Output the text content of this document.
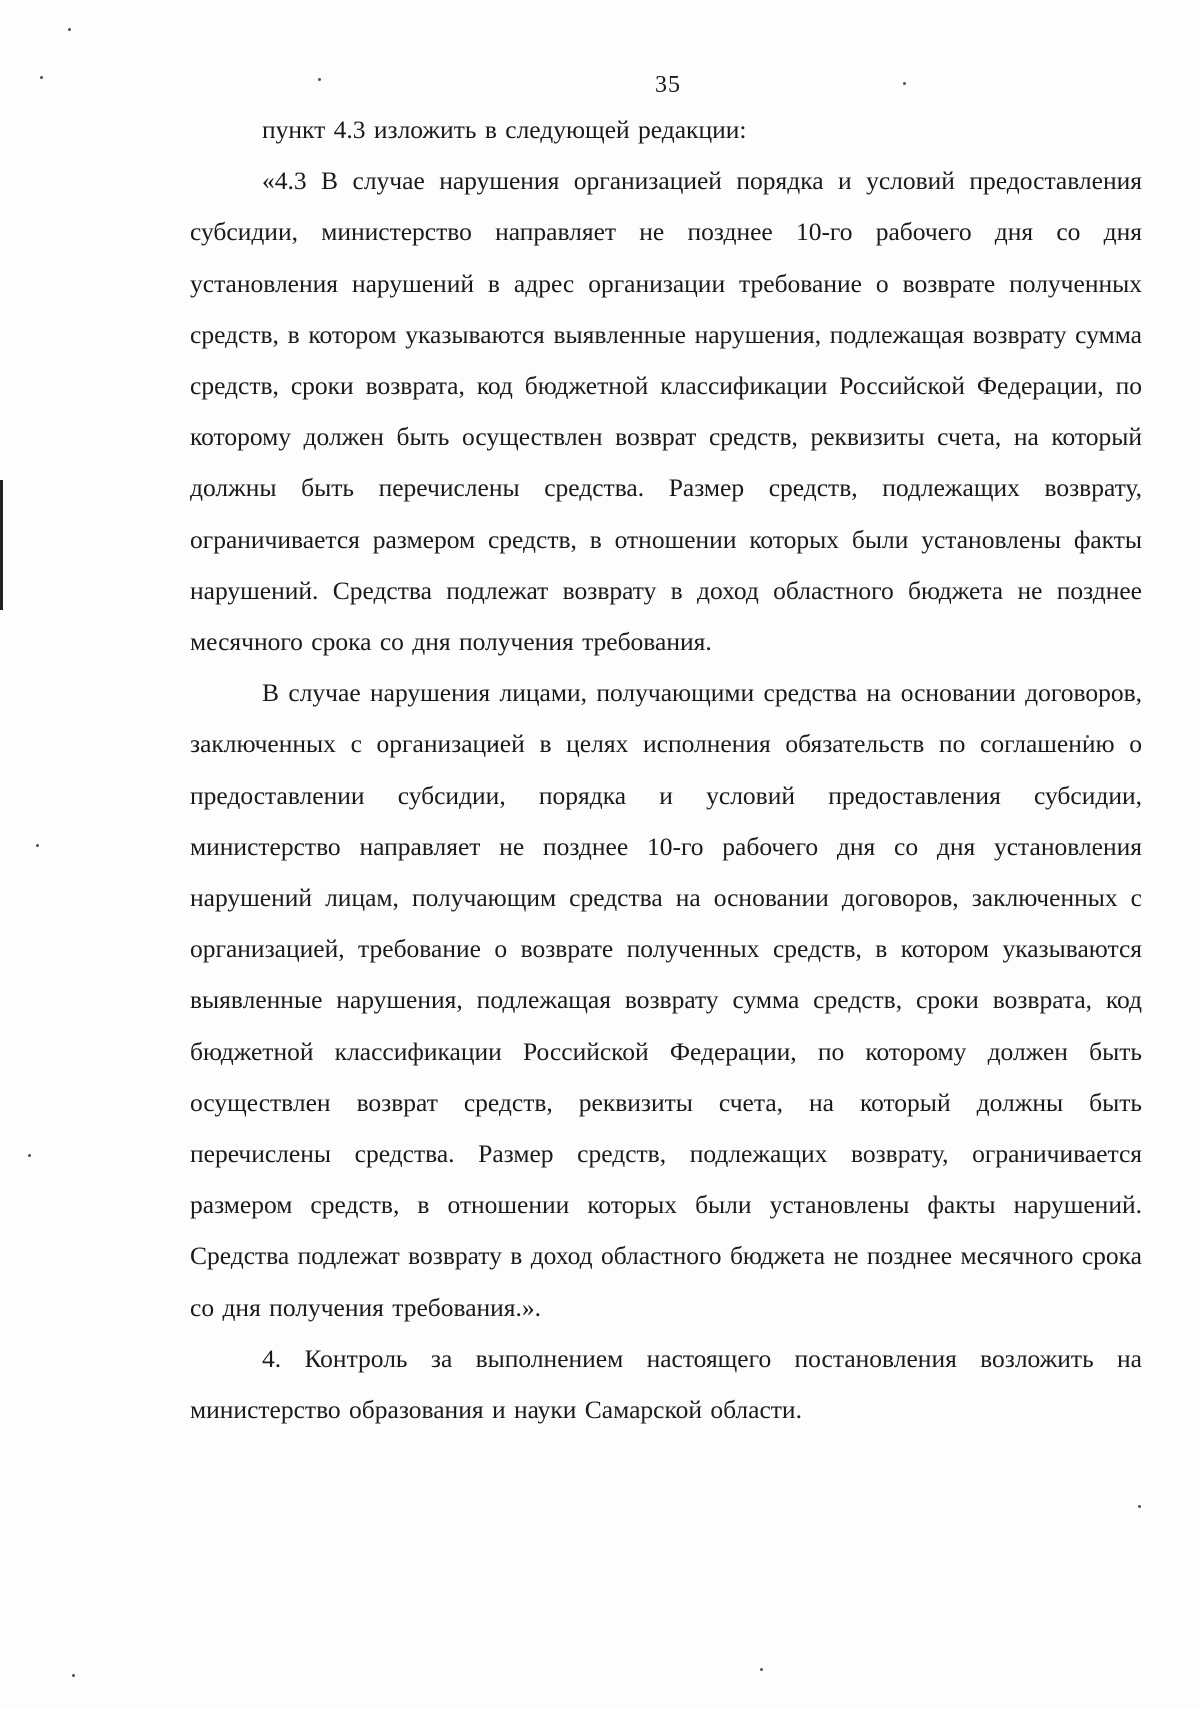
35

пункт 4.3 изложить в следующей редакции:

«4.3 В случае нарушения организацией порядка и условий предоставления субсидии, министерство направляет не позднее 10-го рабочего дня со дня установления нарушений в адрес организации требование о возврате полученных средств, в котором указываются выявленные нарушения, подлежащая возврату сумма средств, сроки возврата, код бюджетной классификации Российской Федерации, по которому должен быть осуществлен возврат средств, реквизиты счета, на который должны быть перечислены средства. Размер средств, подлежащих возврату, ограничивается размером средств, в отношении которых были установлены факты нарушений. Средства подлежат возврату в доход областного бюджета не позднее месячного срока со дня получения требования.

В случае нарушения лицами, получающими средства на основании договоров, заключенных с организацией в целях исполнения обязательств по соглашению о предоставлении субсидии, порядка и условий предоставления субсидии, министерство направляет не позднее 10-го рабочего дня со дня установления нарушений лицам, получающим средства на основании договоров, заключенных с организацией, требование о возврате полученных средств, в котором указываются выявленные нарушения, подлежащая возврату сумма средств, сроки возврата, код бюджетной классификации Российской Федерации, по которому должен быть осуществлен возврат средств, реквизиты счета, на который должны быть перечислены средства. Размер средств, подлежащих возврату, ограничивается размером средств, в отношении которых были установлены факты нарушений. Средства подлежат возврату в доход областного бюджета не позднее месячного срока со дня получения требования.».

4. Контроль за выполнением настоящего постановления возложить на министерство образования и науки Самарской области.
